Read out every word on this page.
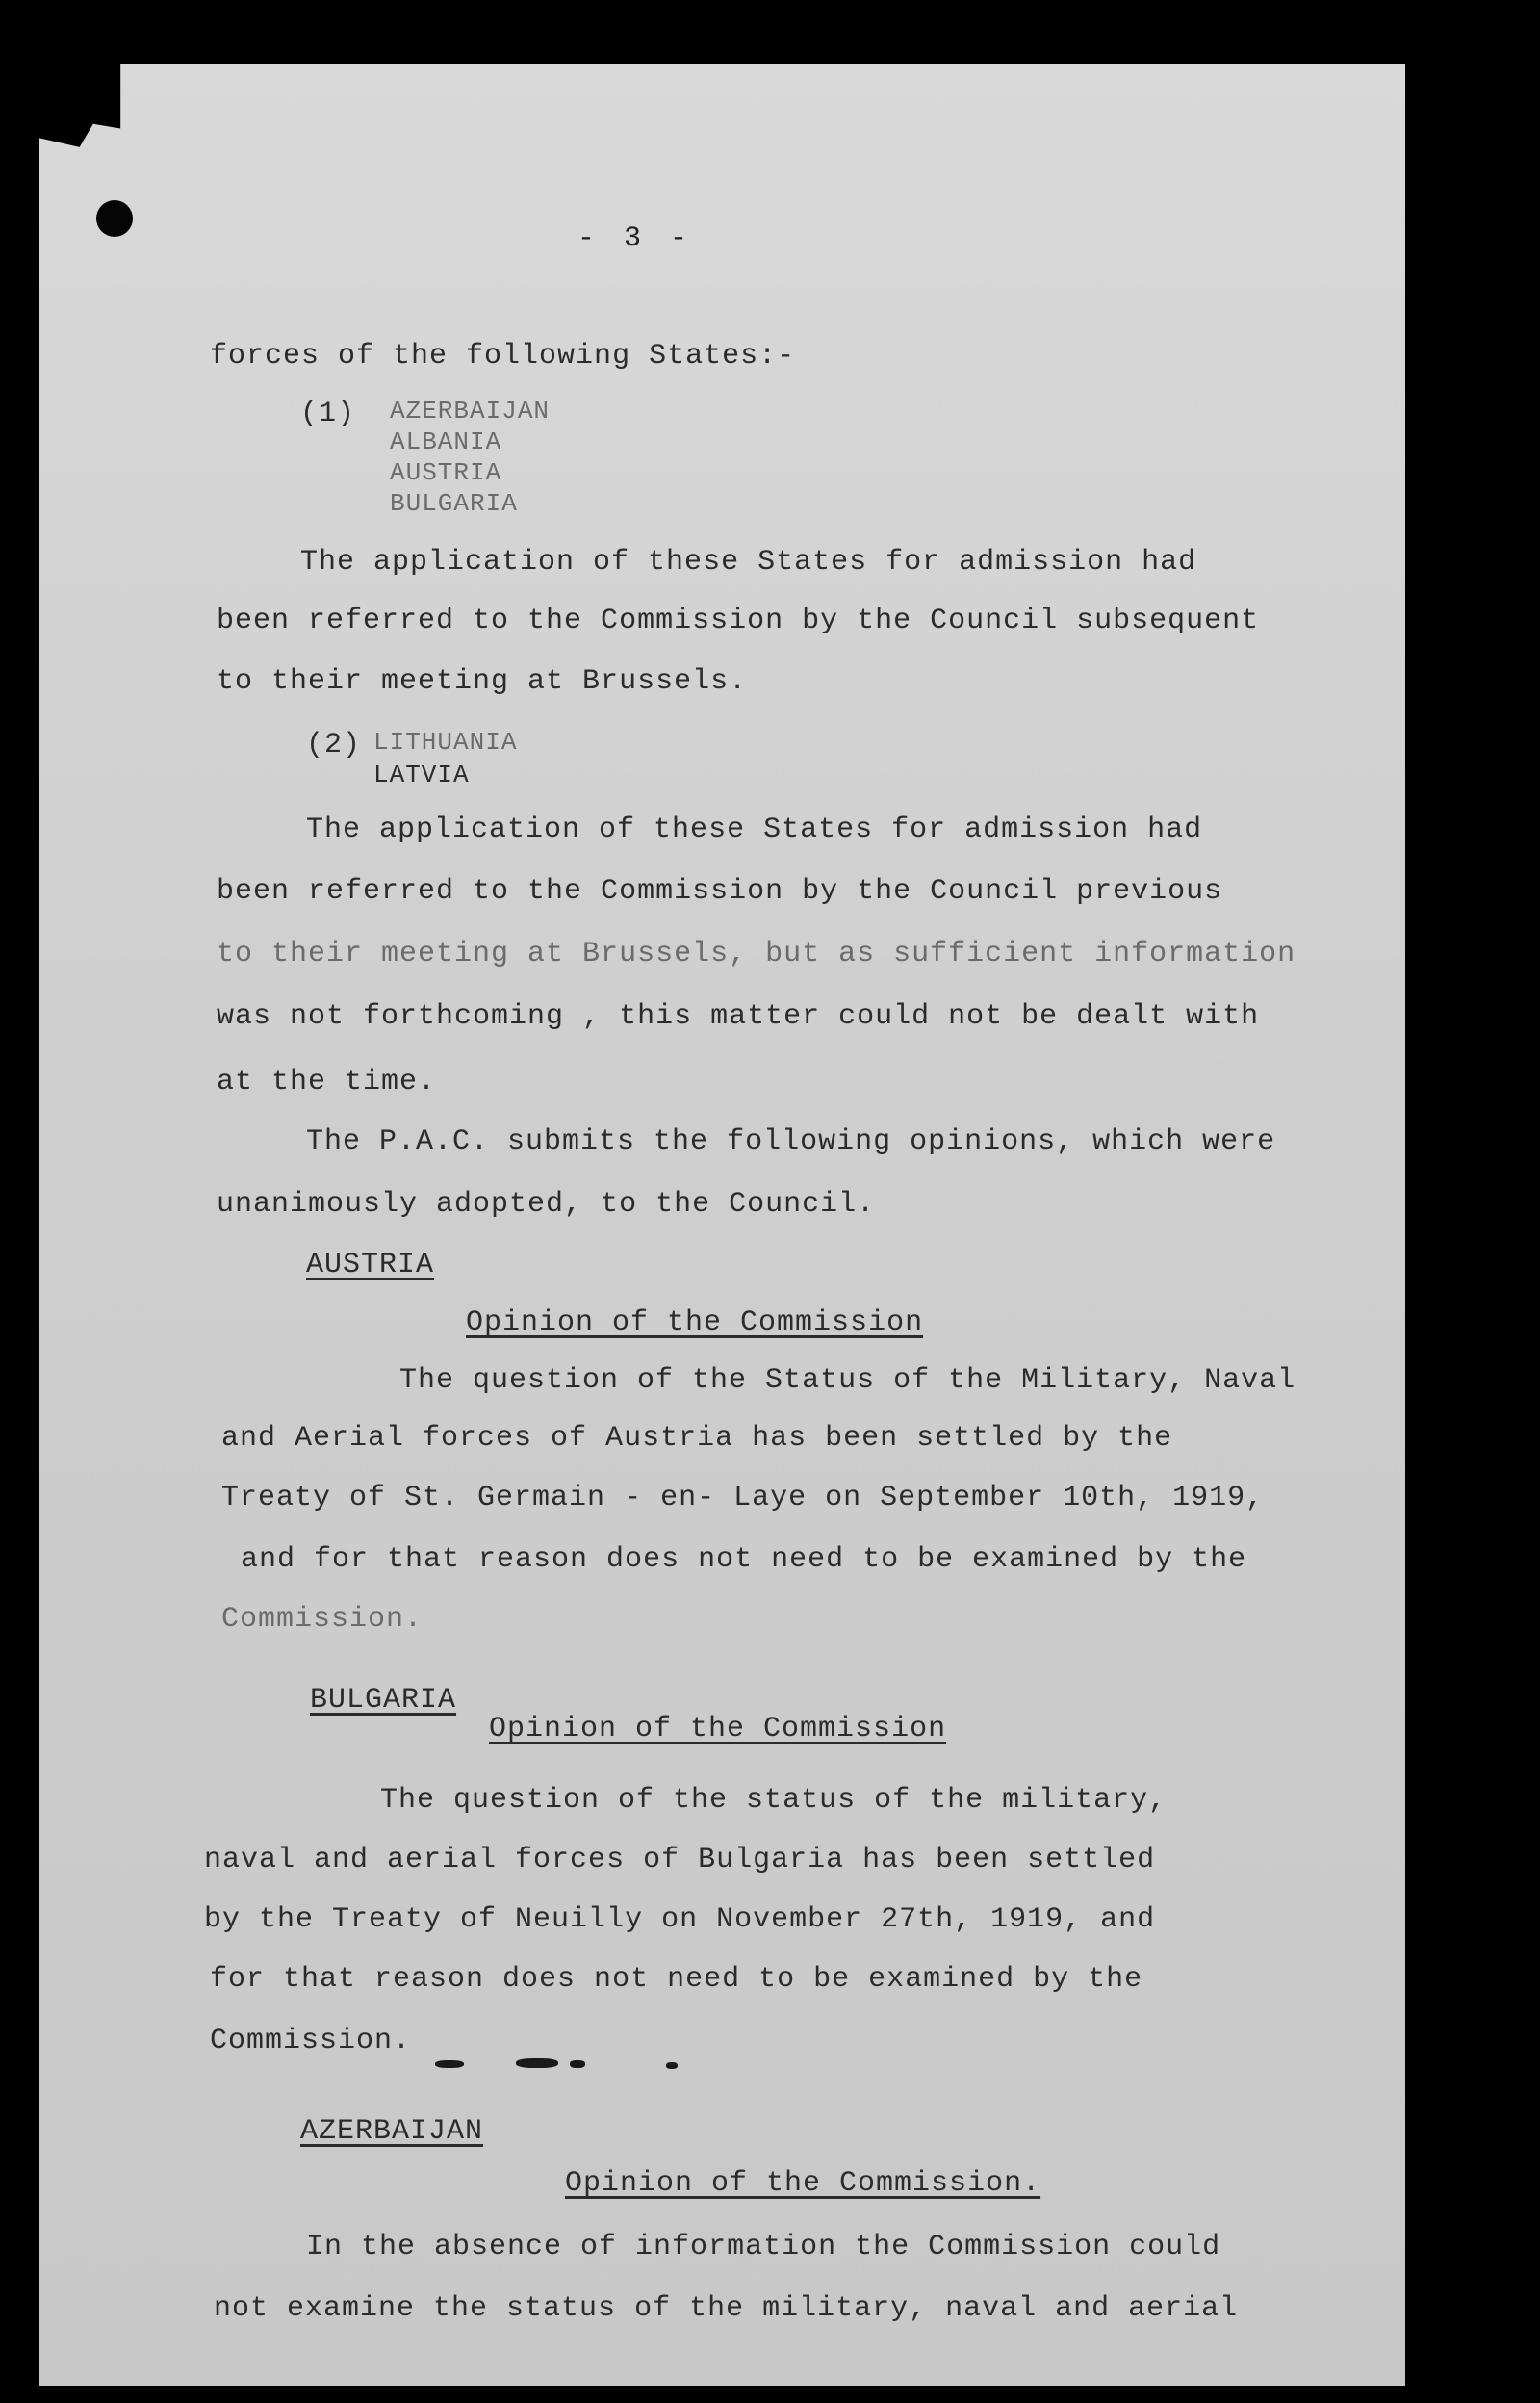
- 3 -
forces of the following States:-
(1) AZERBAIJAN
ALBANIA
AUSTRIA
BULGARIA
The application of these States for admission had
been referred to the Commission by the Council subsequent
to their meeting at Brussels.
(2) LITHUANIA
LATVIA
The application of these States for admission had
been referred to the Commission by the Council previous
to their meeting at Brussels, but as sufficient information
was not forthcoming , this matter could not be dealt with
at the time.
The P.A.C. submits the following opinions, which were
unanimously adopted, to the Council.
AUSTRIA
Opinion of the Commission
The question of the Status of the Military, Naval
and Aerial forces of Austria has been settled by the
Treaty of St. Germain - en- Laye on September 10th, 1919,
and for that reason does not need to be examined by the
Commission.
BULGARIA
Opinion of the Commission
The question of the status of the military,
naval and aerial forces of Bulgaria has been settled
by the Treaty of Neuilly on November 27th, 1919, and
for that reason does not need to be examined by the
Commission.
AZERBAIJAN
Opinion of the Commission.
In the absence of information the Commission could
not examine the status of the military, naval and aerial
